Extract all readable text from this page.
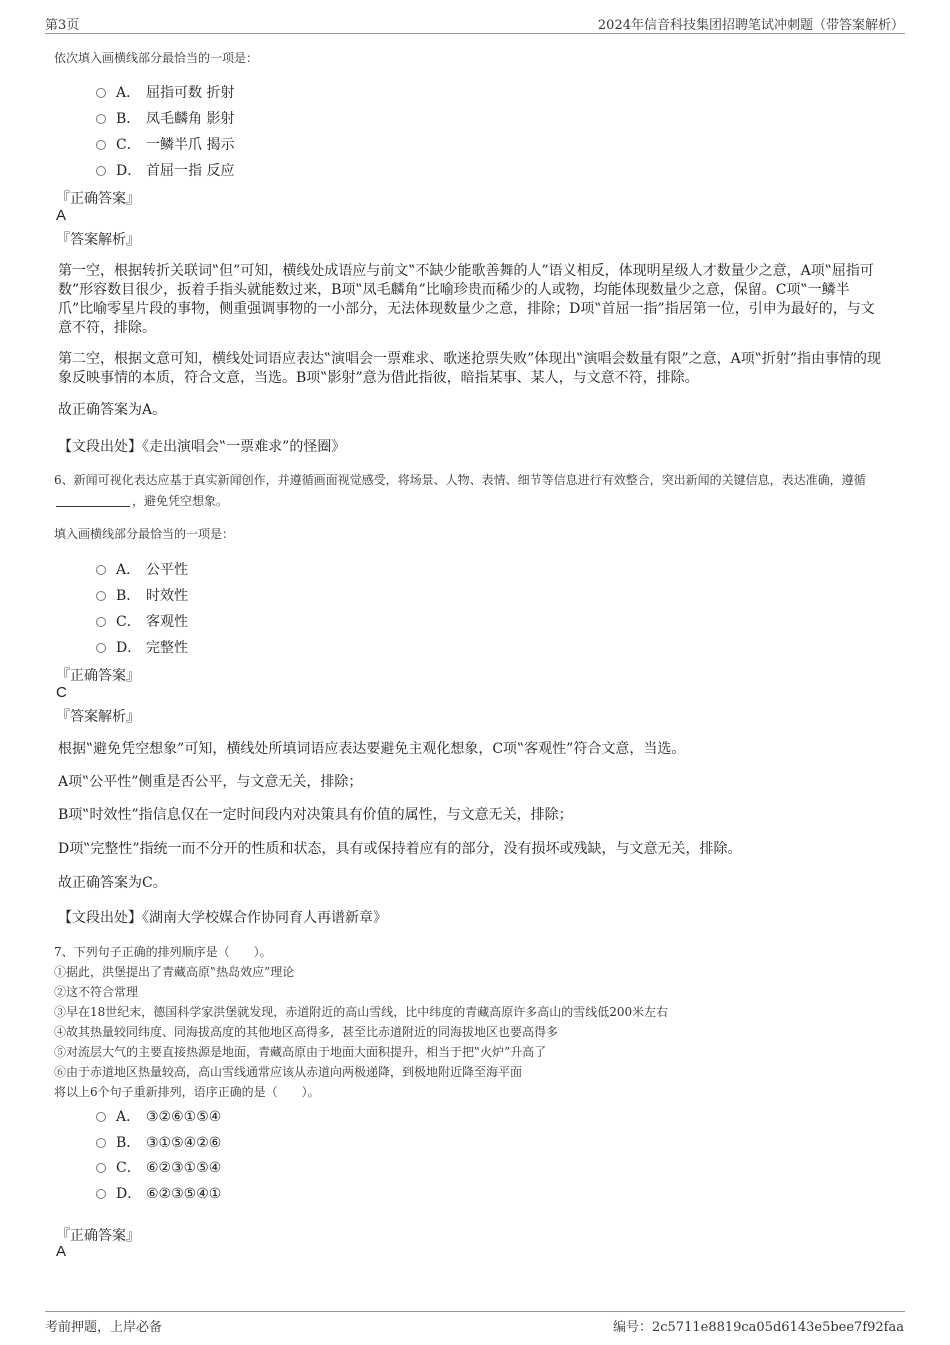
第3页	2024年信音科技集团招聘笔试冲刺题（带答案解析）
依次填入画横线部分最恰当的一项是：
A． 屈指可数 折射
B． 凤毛麟角 影射
C． 一鳞半爪 揭示
D． 首屈一指 反应
『正确答案』
A
『答案解析』
第一空，根据转折关联词‟但”可知，横线处成语应与前文‟不缺少能歌善舞的人”语义相反，体现明星级人才数量少之意，A项‟屈指可数”形容数目很少，扳着手指头就能数过来，B项‟凤毛麟角”比喻珍贵而稀少的人或物，均能体现数量少之意，保留。C项‟一鳞半爪”比喻零星片段的事物，侧重强调事物的一小部分，无法体现数量少之意，排除；D项‟首屈一指”指居第一位，引申为最好的，与文意不符，排除。
第二空，根据文意可知，横线处词语应表达‟演唱会一票难求、歌迷抢票失败”体现出‟演唱会数量有限”之意，A项‟折射”指由事情的现象反映事情的本质，符合文意，当选。B项‟影射”意为借此指彼，暗指某事、某人，与文意不符，排除。
故正确答案为A。
【文段出处】《走出演唱会‟一票难求”的怪圈》
6、新闻可视化表达应基于真实新闻创作，并遵循画面视觉感受，将场景、人物、表情、细节等信息进行有效整合，突出新闻的关键信息，表达准确，遵循，避免凭空想象。
填入画横线部分最恰当的一项是：
A． 公平性
B． 时效性
C． 客观性
D． 完整性
『正确答案』
C
『答案解析』
根据‟避免凭空想象”可知，横线处所填词语应表达要避免主观化想象，C项‟客观性”符合文意，当选。
A项‟公平性”侧重是否公平，与文意无关，排除；
B项‟时效性”指信息仅在一定时间段内对决策具有价值的属性，与文意无关，排除；
D项‟完整性”指统一而不分开的性质和状态，具有或保持着应有的部分，没有损坏或残缺，与文意无关，排除。
故正确答案为C。
【文段出处】《湖南大学校媒合作协同育人再谱新章》
7、下列句子正确的排列顺序是（　　）。
①据此，洪堡提出了青藏高原‟热岛效应”理论
②这不符合常理
③早在18世纪末，德国科学家洪堡就发现，赤道附近的高山雪线，比中纬度的青藏高原许多高山的雪线低200米左右
④故其热量较同纬度、同海拔高度的其他地区高得多，甚至比赤道附近的同海拔地区也要高得多
⑤对流层大气的主要直接热源是地面，青藏高原由于地面大面积提升，相当于把‟火炉”升高了
⑥由于赤道地区热量较高，高山雪线通常应该从赤道向两极递降，到极地附近降至海平面
将以上6个句子重新排列，语序正确的是（　　）。
A． ③②⑥①⑤④
B． ③①⑤④②⑥
C． ⑥②③①⑤④
D． ⑥②③⑤④①
『正确答案』
A
考前押题，上岸必备	编号：2c5711e8819ca05d6143e5bee7f92faa
